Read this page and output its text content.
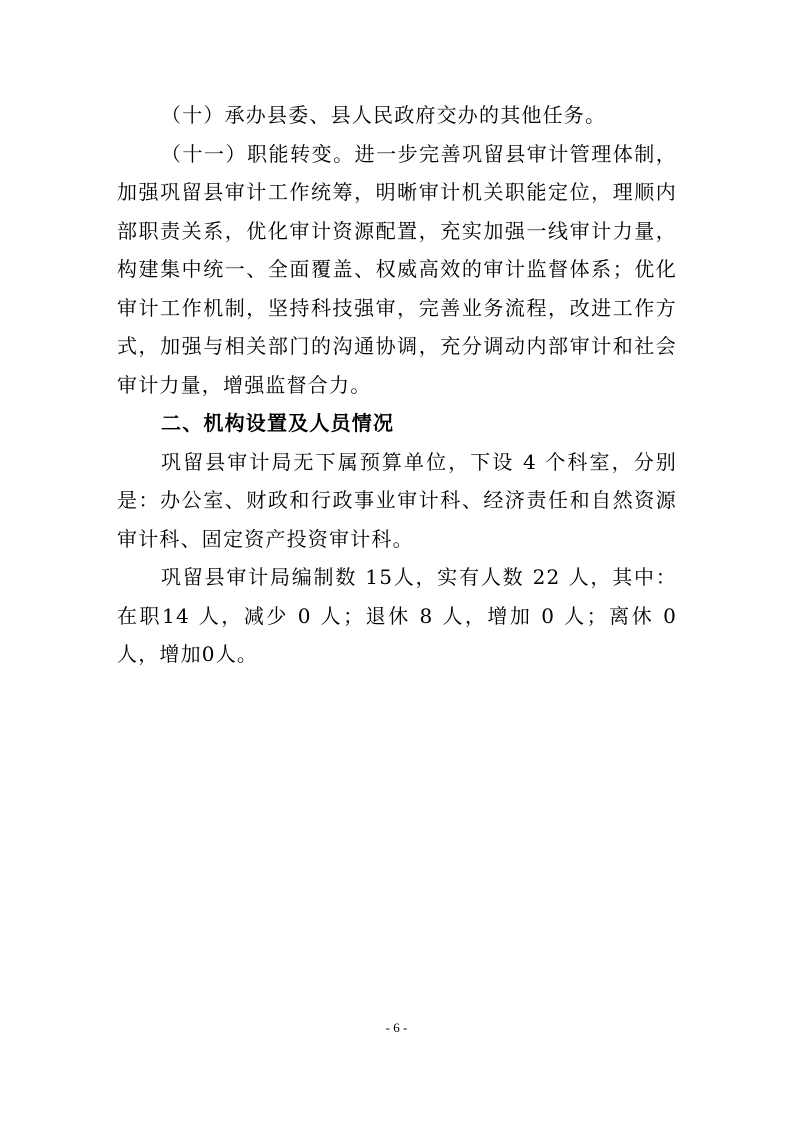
（十）承办县委、县人民政府交办的其他任务。

（十一）职能转变。进一步完善巩留县审计管理体制，加强巩留县审计工作统筹，明晰审计机关职能定位，理顺内部职责关系，优化审计资源配置，充实加强一线审计力量，构建集中统一、全面覆盖、权威高效的审计监督体系；优化审计工作机制，坚持科技强审，完善业务流程，改进工作方式，加强与相关部门的沟通协调，充分调动内部审计和社会审计力量，增强监督合力。

二、机构设置及人员情况

巩留县审计局无下属预算单位，下设 4 个科室，分别是：办公室、财政和行政事业审计科、经济责任和自然资源审计科、固定资产投资审计科。

巩留县审计局编制数 15人，实有人数 22 人，其中：在职14 人，减少 0 人；退休 8 人，增加 0 人；离休 0 人，增加0人。

- 6 -
